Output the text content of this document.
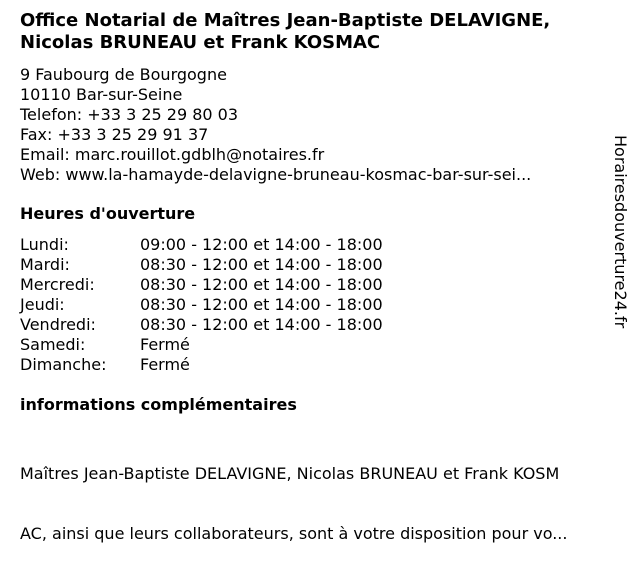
Office Notarial de Maîtres Jean-Baptiste DELAVIGNE,
Nicolas BRUNEAU et Frank KOSMAC
9 Faubourg de Bourgogne
10110 Bar-sur-Seine
Telefon: +33 3 25 29 80 03
Fax: +33 3 25 29 91 37
Email: marc.rouillot.gdblh@notaires.fr
Web: www.la-hamayde-delavigne-bruneau-kosmac-bar-sur-sei...
Heures d'ouverture
Lundi:	09:00 - 12:00 et 14:00 - 18:00
Mardi:	08:30 - 12:00 et 14:00 - 18:00
Mercredi:	08:30 - 12:00 et 14:00 - 18:00
Jeudi:	08:30 - 12:00 et 14:00 - 18:00
Vendredi:	08:30 - 12:00 et 14:00 - 18:00
Samedi:	Fermé
Dimanche:	Fermé
informations complémentaires

Maîtres Jean-Baptiste DELAVIGNE, Nicolas BRUNEAU et Frank KOSM

AC, ainsi que leurs collaborateurs, sont à votre disposition pour vo...

Horairesdouverture24.fr
